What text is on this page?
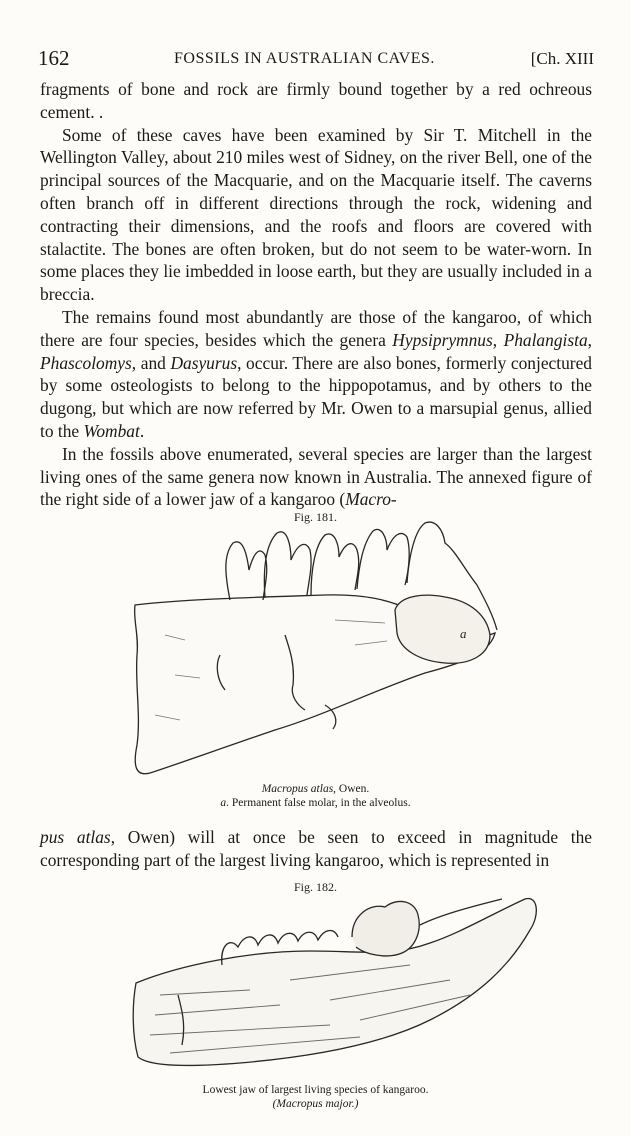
162	FOSSILS IN AUSTRALIAN CAVES.	[Ch. XIII

fragments of bone and rock are firmly bound together by a red ochreous cement. .

Some of these caves have been examined by Sir T. Mitchell in the Wellington Valley, about 210 miles west of Sidney, on the river Bell, one of the principal sources of the Macquarie, and on the Macquarie itself. The caverns often branch off in different directions through the rock, widening and contracting their dimensions, and the roofs and floors are covered with stalactite. The bones are often broken, but do not seem to be water-worn. In some places they lie imbedded in loose earth, but they are usually included in a breccia.

The remains found most abundantly are those of the kangaroo, of which there are four species, besides which the genera Hypsiprymnus, Phalangista, Phascolomys, and Dasyurus, occur. There are also bones, formerly conjectured by some osteologists to belong to the hippopotamus, and by others to the dugong, but which are now referred by Mr. Owen to a marsupial genus, allied to the Wombat.

In the fossils above enumerated, several species are larger than the largest living ones of the same genera now known in Australia. The annexed figure of the right side of a lower jaw of a kangaroo (Macro-

Fig. 181.
a
Macropus atlas, Owen.
a. Permanent false molar, in the alveolus.

pus atlas, Owen) will at once be seen to exceed in magnitude the corresponding part of the largest living kangaroo, which is represented in

Fig. 182.
Lowest jaw of largest living species of kangaroo.
(Macropus major.)
